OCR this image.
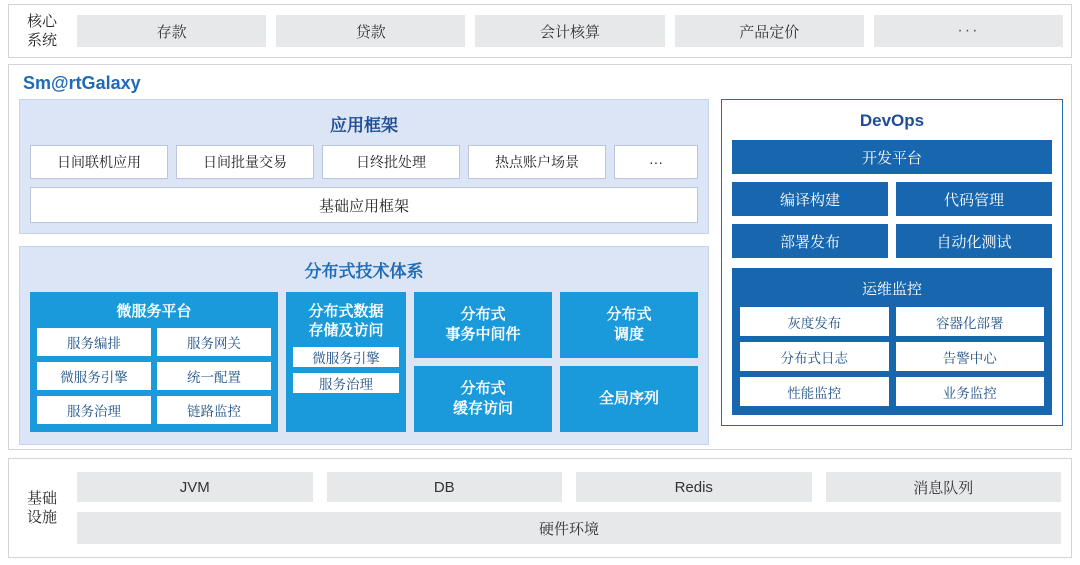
核心
系统	存款	贷款	会计核算	产品定价	···
Sm@rtGalaxy
应用框架
日间联机应用	日间批量交易	日终批处理	热点账户场景	···
基础应用框架
分布式技术体系
微服务平台
服务编排	服务网关
微服务引擎	统一配置
服务治理	链路监控
分布式数据
存储及访问
微服务引擎
服务治理
分布式
事务中间件
分布式
调度
分布式
缓存访问
全局序列
DevOps
开发平台
编译构建	代码管理
部署发布	自动化测试
运维监控
灰度发布	容器化部署
分布式日志	告警中心
性能监控	业务监控
基础
设施
JVM	DB	Redis	消息队列
硬件环境
